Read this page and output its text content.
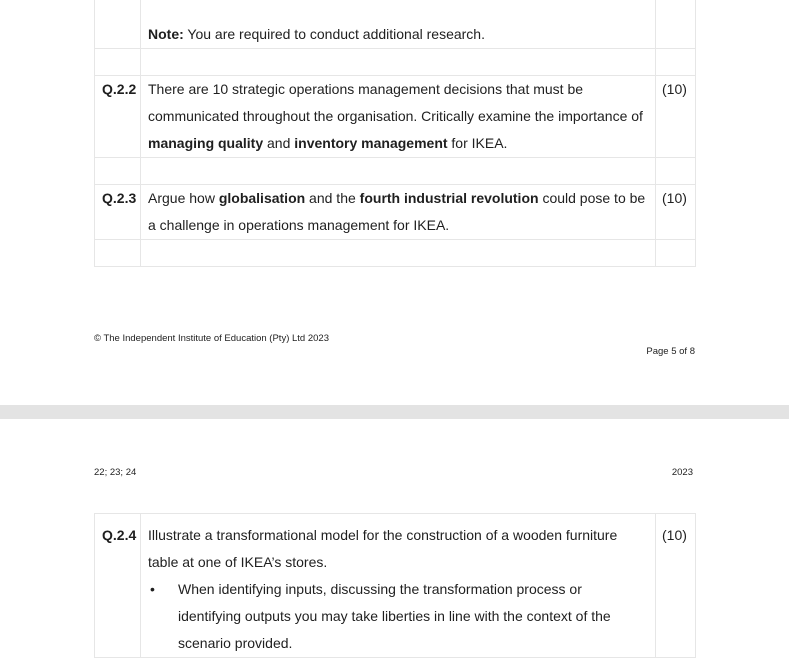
	Note: You are required to conduct additional research.	

Q.2.2	There are 10 strategic operations management decisions that must be communicated throughout the organisation. Critically examine the importance of managing quality and inventory management for IKEA.	(10)

Q.2.3	Argue how globalisation and the fourth industrial revolution could pose to be a challenge in operations management for IKEA.	(10)

© The Independent Institute of Education (Pty) Ltd 2023
Page 5 of 8
22; 23; 24	2023
Q.2.4	Illustrate a transformational model for the construction of a wooden furniture table at one of IKEA’s stores.
• When identifying inputs, discussing the transformation process or identifying outputs you may take liberties in line with the context of the scenario provided.
	(10)
